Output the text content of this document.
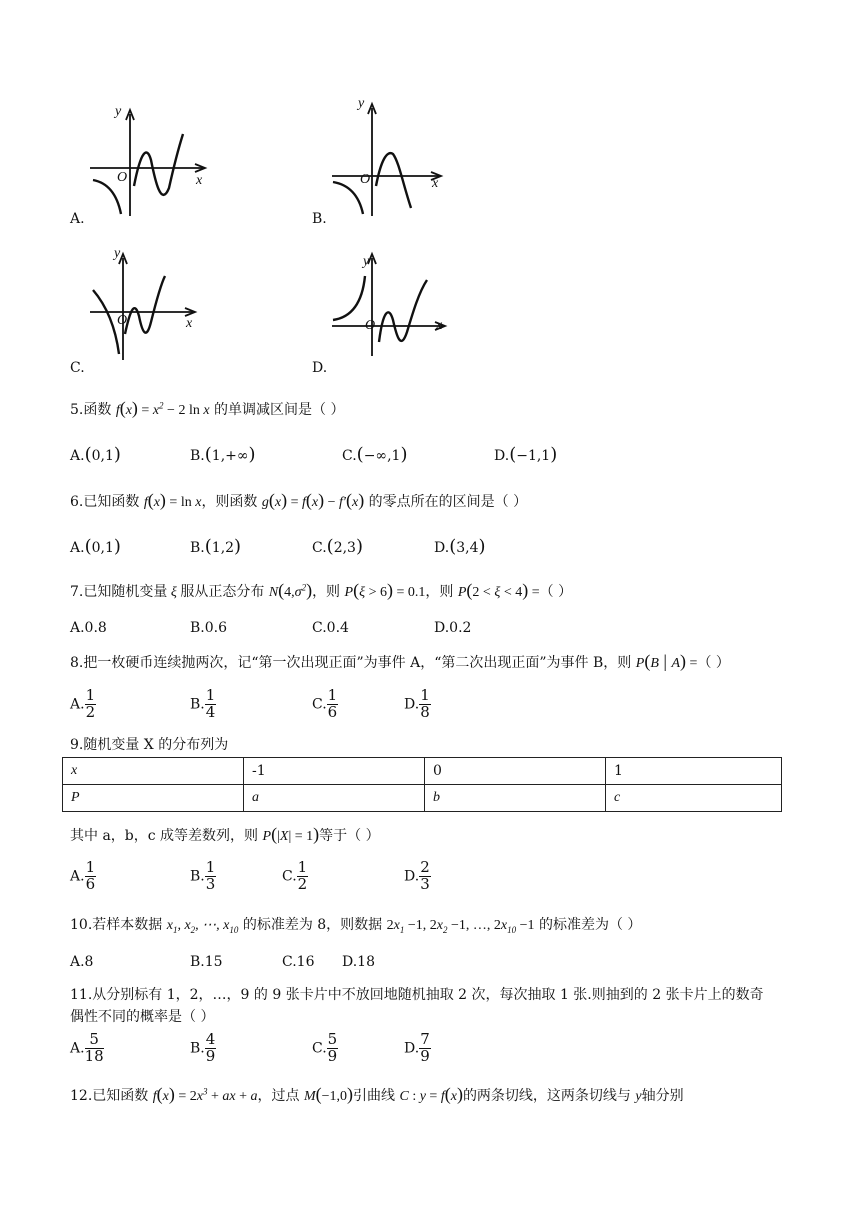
y
O	x
A.
y
O	x
B.
y
O	x
C.
y
O	x
D.
5.函数 $f(x) = x^2 - 2$ ln x 的单调减区间是（ ）
A.(0,1)	B.(1,+∞)	C.(−∞,1)	D.(−1,1)
6.已知函数 f(x) = ln x，则函数 g(x) = f(x) − f′(x) 的零点所在的区间是（ ）
A.(0,1)	B.(1,2)	C.(2,3)	D.(3,4)
7.已知随机变量 ξ 服从正态分布 $N(4,\sigma^2)$，则 P(ξ > 6) = 0.1，则 P(2 < ξ < 4) =（ ）
A.0.8	B.0.6	C.0.4	D.0.2
8.把一枚硬币连续抛两次，记“第一次出现正面”为事件 A，“第二次出现正面”为事件 B，则 P(B | A) =（ ）
A. $\frac{1}{2}$	B. $\frac{1}{4}$	C. $\frac{1}{6}$	D. $\frac{1}{8}$
9.随机变量 X 的分布列为
x	-1	0	1
P	a	b	c
其中 a，b，c 成等差数列，则 P(|X| = 1)等于（ ）
A. $\frac{1}{6}$	B. $\frac{1}{3}$	C. $\frac{1}{2}$	D. $\frac{2}{3}$
10.若样本数据 $x_1$, $x_2$, ⋯, $x_{10}$ 的标准差为 8，则数据 $2x_1 -1$, $2x_2 -1$, …, $2x_{10} -1$ 的标准差为（ ）
A.8	B.15	C.16 D.18
11.从分别标有 1，2，…，9 的 9 张卡片中不放回地随机抽取 2 次，每次抽取 1 张.则抽到的 2 张卡片上的数奇
偶性不同的概率是（ ）
A. $\frac{5}{18}$	B. $\frac{4}{9}$	C. $\frac{5}{9}$	D. $\frac{7}{9}$
12.已知函数 $f(x) = 2x^3$ + ax + a，过点 M(−1,0)引曲线 C : y = f(x)的两条切线，这两条切线与 y轴分别
